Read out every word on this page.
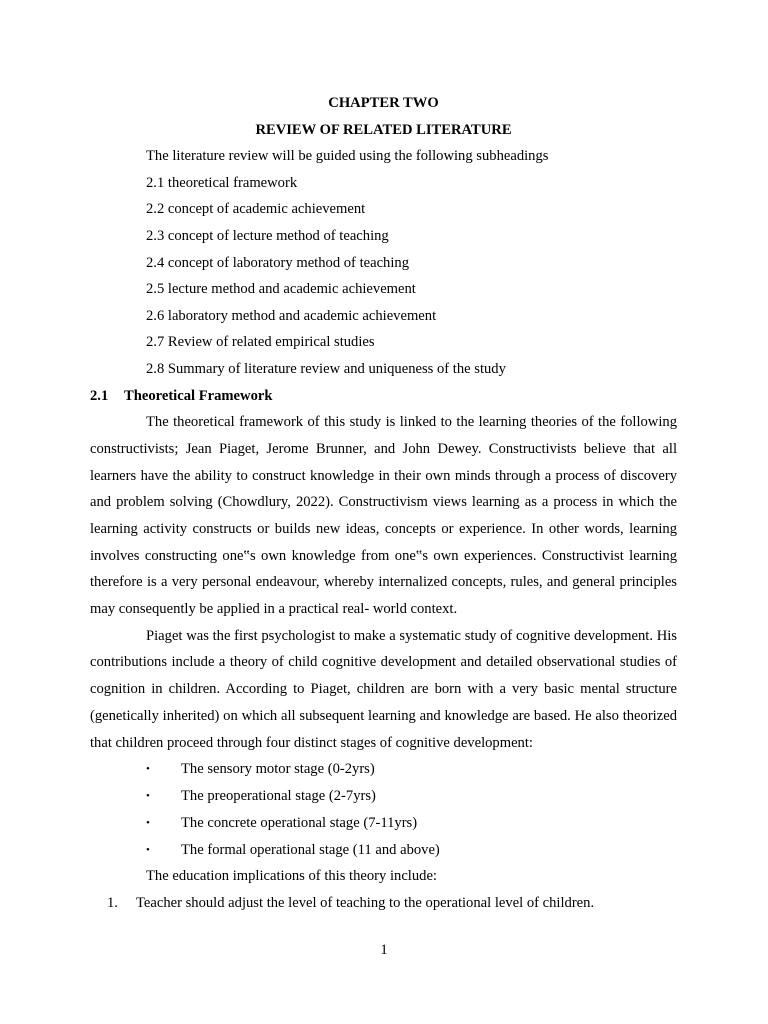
CHAPTER TWO
REVIEW OF RELATED LITERATURE
The literature review will be guided using the following subheadings
2.1 theoretical framework
2.2 concept of academic achievement
2.3 concept of lecture method of teaching
2.4 concept of laboratory method of teaching
2.5 lecture method and academic achievement
2.6 laboratory method and academic achievement
2.7 Review of related empirical studies
2.8 Summary of literature review and uniqueness of the study
2.1 Theoretical Framework

The theoretical framework of this study is linked to the learning theories of the following constructivists; Jean Piaget, Jerome Brunner, and John Dewey. Constructivists believe that all learners have the ability to construct knowledge in their own minds through a process of discovery and problem solving (Chowdlury, 2022). Constructivism views learning as a process in which the learning activity constructs or builds new ideas, concepts or experience. In other words, learning involves constructing one‟s own knowledge from one‟s own experiences. Constructivist learning therefore is a very personal endeavour, whereby internalized concepts, rules, and general principles may consequently be applied in a practical real- world context.

Piaget was the first psychologist to make a systematic study of cognitive development. His contributions include a theory of child cognitive development and detailed observational studies of cognition in children. According to Piaget, children are born with a very basic mental structure (genetically inherited) on which all subsequent learning and knowledge are based. He also theorized that children proceed through four distinct stages of cognitive development:

• The sensory motor stage (0-2yrs)
• The preoperational stage (2-7yrs)
• The concrete operational stage (7-11yrs)
• The formal operational stage (11 and above)
The education implications of this theory include:
1. Teacher should adjust the level of teaching to the operational level of children.
1
